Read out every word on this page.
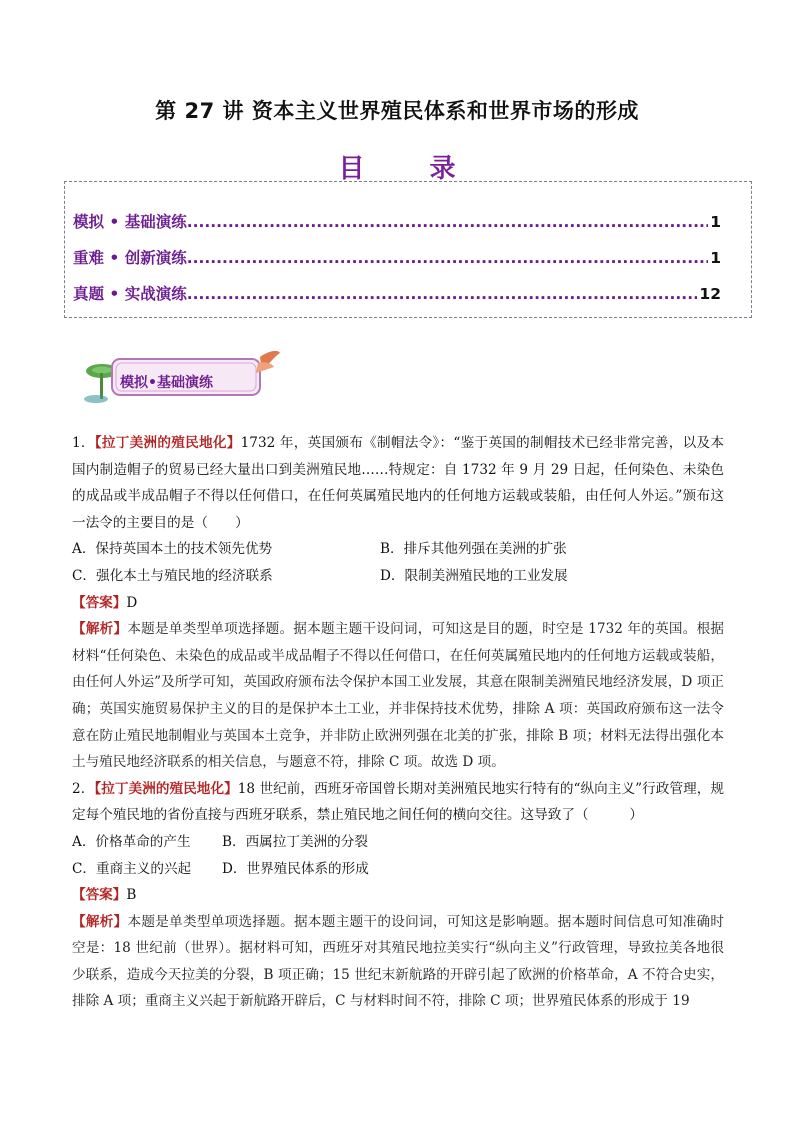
第 27 讲 资本主义世界殖民体系和世界市场的形成
目 录
模拟 • 基础演练 .....	1
重难 • 创新演练 .....	1
真题 • 实战演练 .....	12
模拟•基础演练

1．【拉丁美洲的殖民地化】1732 年，英国颁布《制帽法令》：“鉴于英国的制帽技术已经非常完善，以及本国内制造帽子的贸易已经大量出口到美洲殖民地……特规定：自 1732 年 9 月 29 日起，任何染色、未染色的成品或半成品帽子不得以任何借口，在任何英属殖民地内的任何地方运载或装船，由任何人外运。”颁布这一法令的主要目的是（　　）

A．保持英国本土的技术领先优势	B．排斥其他列强在美洲的扩张
C．强化本土与殖民地的经济联系	D．限制美洲殖民地的工业发展

【答案】D

【解析】本题是单类型单项选择题。据本题主题干设问词，可知这是目的题，时空是 1732 年的英国。根据材料“任何染色、未染色的成品或半成品帽子不得以任何借口，在任何英属殖民地内的任何地方运载或装船，由任何人外运”及所学可知，英国政府颁布法令保护本国工业发展，其意在限制美洲殖民地经济发展，D 项正确；英国实施贸易保护主义的目的是保护本土工业，并非保持技术优势，排除 A 项：英国政府颁布这一法令意在防止殖民地制帽业与英国本土竞争，并非防止欧洲列强在北美的扩张，排除 B 项；材料无法得出强化本土与殖民地经济联系的相关信息，与题意不符，排除 C 项。故选 D 项。

2．【拉丁美洲的殖民地化】18 世纪前，西班牙帝国曾长期对美洲殖民地实行特有的“纵向主义”行政管理，规定每个殖民地的省份直接与西班牙联系，禁止殖民地之间任何的横向交往。这导致了（　　　）

A．价格革命的产生	B．西属拉丁美洲的分裂
C．重商主义的兴起	D．世界殖民体系的形成

【答案】B

【解析】本题是单类型单项选择题。据本题主题干的设问词，可知这是影响题。据本题时间信息可知准确时空是：18 世纪前（世界）。据材料可知，西班牙对其殖民地拉美实行“纵向主义”行政管理，导致拉美各地很少联系，造成今天拉美的分裂，B 项正确；15 世纪末新航路的开辟引起了欧洲的价格革命，A 不符合史实，排除 A 项；重商主义兴起于新航路开辟后，C 与材料时间不符，排除 C 项；世界殖民体系的形成于 19
